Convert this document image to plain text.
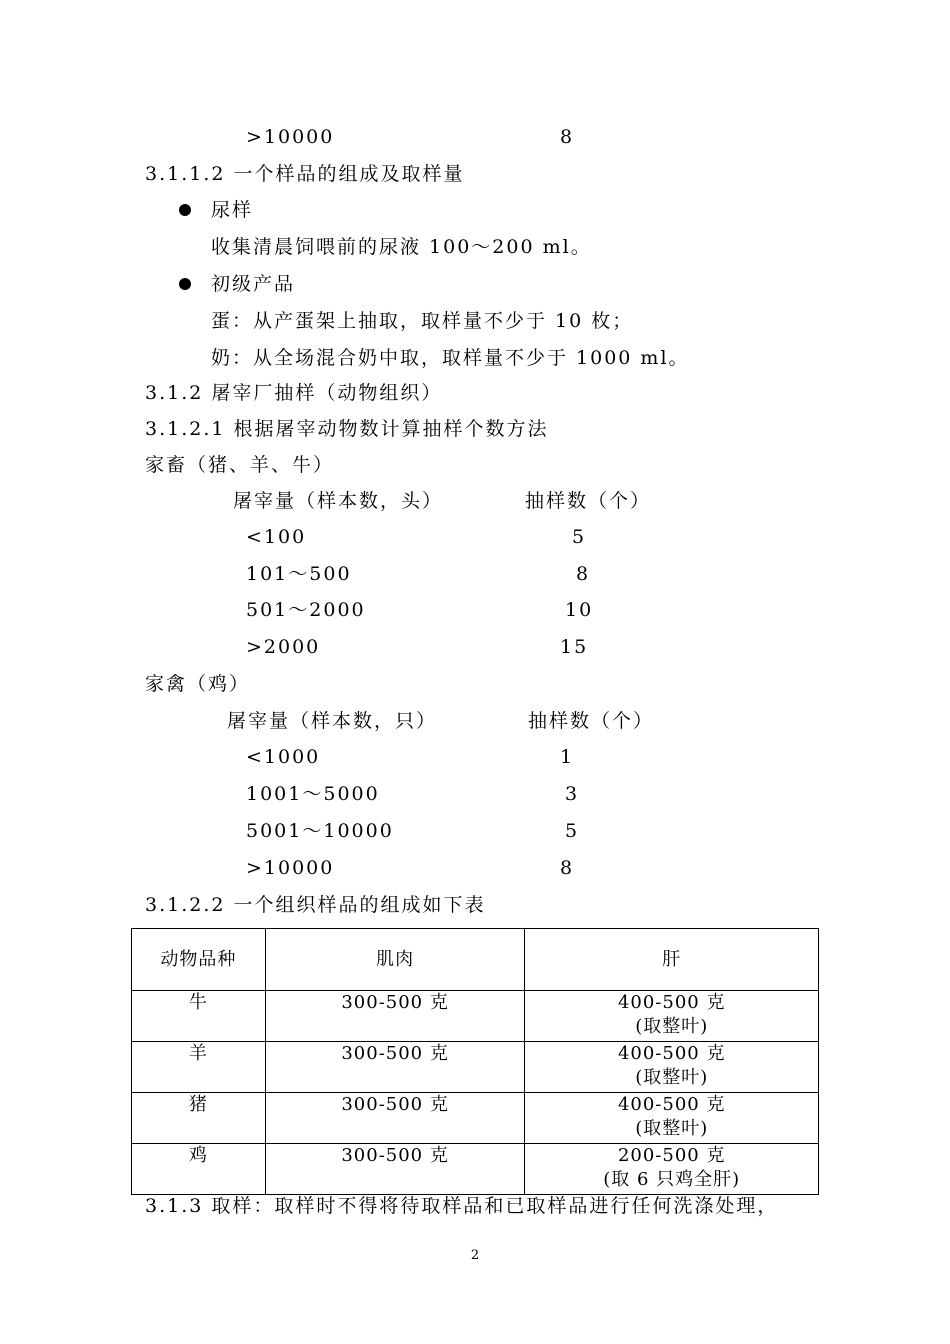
>10000	8
3.1.1.2 一个样品的组成及取样量
尿样
收集清晨饲喂前的尿液 100～200 ml。
初级产品
蛋：从产蛋架上抽取，取样量不少于 10 枚；
奶：从全场混合奶中取，取样量不少于 1000 ml。
3.1.2 屠宰厂抽样（动物组织）
3.1.2.1 根据屠宰动物数计算抽样个数方法
家畜（猪、羊、牛）
屠宰量（样本数，头）	抽样数（个）
<100	5
101～500	8
501～2000	10
>2000	15
家禽（鸡）
屠宰量（样本数，只）	抽样数（个）
<1000	1
1001～5000	3
5001～10000	5
>10000	8
3.1.2.2 一个组织样品的组成如下表
动物品种	肌肉	肝
牛	300-500 克	400-500 克
(取整叶)

羊	300-500 克	400-500 克
(取整叶)

猪	300-500 克	400-500 克
(取整叶)

鸡	300-500 克	200-500 克
(取 6 只鸡全肝)
3.1.3 取样：取样时不得将待取样品和已取样品进行任何洗涤处理，
2
